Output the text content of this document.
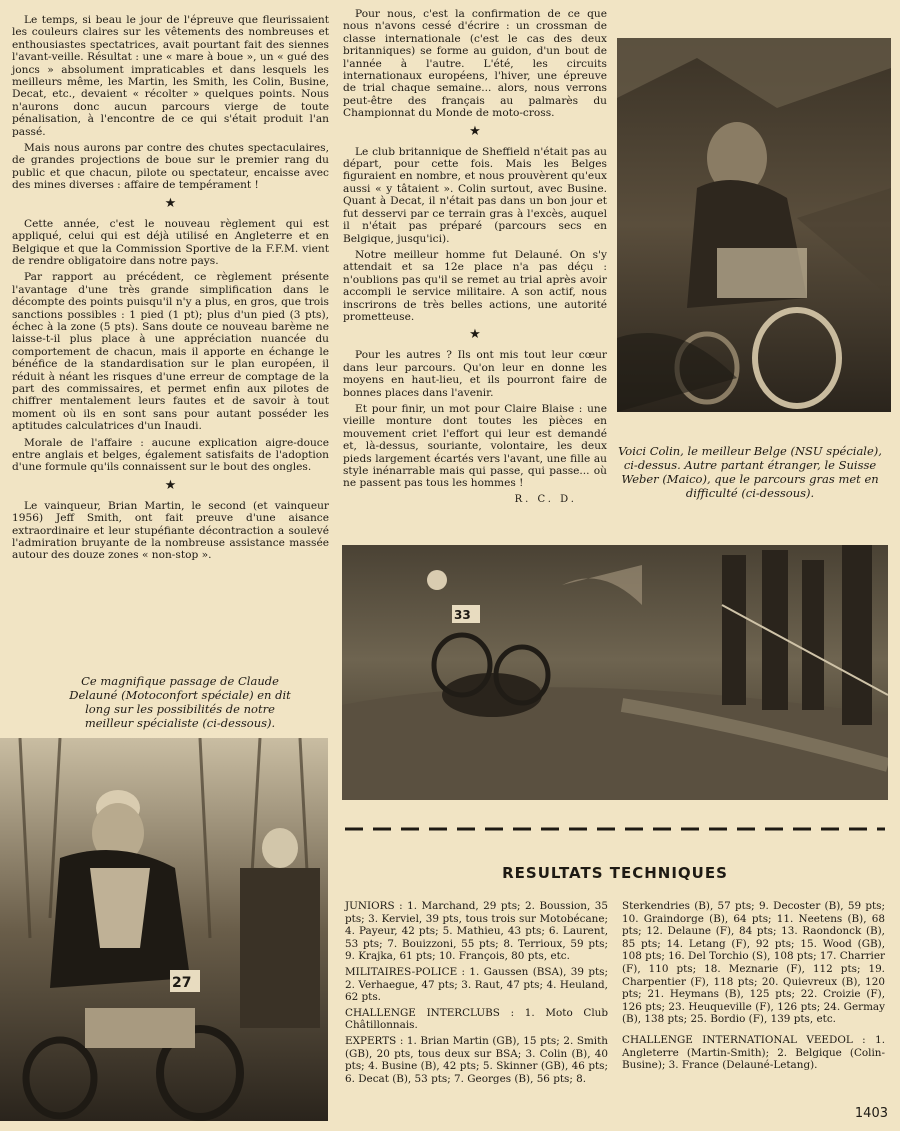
Le temps, si beau le jour de l'épreuve que fleurissaient les couleurs claires sur les vêtements des nombreuses et enthousiastes spectatrices, avait pourtant fait des siennes l'avant-veille. Résultat : une « mare à boue », un « gué des joncs » absolument impraticables et dans lesquels les meilleurs même, les Martin, les Smith, les Colin, Busine, Decat, etc., devaient « récolter » quelques points. Nous n'aurons donc aucun parcours vierge de toute pénalisation, à l'encontre de ce qui s'était produit l'an passé.

Mais nous aurons par contre des chutes spectaculaires, de grandes projections de boue sur le premier rang du public et que chacun, pilote ou spectateur, encaisse avec des mines diverses : affaire de tempérament !

★

Cette année, c'est le nouveau règlement qui est appliqué, celui qui est déjà utilisé en Angleterre et en Belgique et que la Commission Sportive de la F.F.M. vient de rendre obligatoire dans notre pays.

Par rapport au précédent, ce règlement présente l'avantage d'une très grande simplification dans le décompte des points puisqu'il n'y a plus, en gros, que trois sanctions possibles : 1 pied (1 pt); plus d'un pied (3 pts), échec à la zone (5 pts). Sans doute ce nouveau barème ne laisse-t-il plus place à une appréciation nuancée du comportement de chacun, mais il apporte en échange le bénéfice de la standardisation sur le plan européen, il réduit à néant les risques d'une erreur de comptage de la part des commissaires, et permet enfin aux pilotes de chiffrer mentalement leurs fautes et de savoir à tout moment où ils en sont sans pour autant posséder les aptitudes calculatrices d'un Inaudi.

Morale de l'affaire : aucune explication aigre-douce entre anglais et belges, également satisfaits de l'adoption d'une formule qu'ils connaissent sur le bout des ongles.

★

Le vainqueur, Brian Martin, le second (et vainqueur 1956) Jeff Smith, ont fait preuve d'une aisance extraordinaire et leur stupéfiante décontraction a soulevé l'admiration bruyante de la nombreuse assistance massée autour des douze zones « non-stop ».

Pour nous, c'est la confirmation de ce que nous n'avons cessé d'écrire : un crossman de classe internationale (c'est le cas des deux britanniques) se forme au guidon, d'un bout de l'année à l'autre. L'été, les circuits internationaux européens, l'hiver, une épreuve de trial chaque semaine... alors, nous verrons peut-être des français au palmarès du Championnat du Monde de moto-cross.

★

Le club britannique de Sheffield n'était pas au départ, pour cette fois. Mais les Belges figuraient en nombre, et nous prouvèrent qu'eux aussi « y tâtaient ». Colin surtout, avec Busine. Quant à Decat, il n'était pas dans un bon jour et fut desservi par ce terrain gras à l'excès, auquel il n'était pas préparé (parcours secs en Belgique, jusqu'ici).

Notre meilleur homme fut Delauné. On s'y attendait et sa 12e place n'a pas déçu : n'oublions pas qu'il se remet au trial après avoir accompli le service militaire. A son actif, nous inscrirons de très belles actions, une autorité prometteuse.

★

Pour les autres ? Ils ont mis tout leur cœur dans leur parcours. Qu'on leur en donne les moyens en haut-lieu, et ils pourront faire de bonnes places dans l'avenir.

Et pour finir, un mot pour Claire Blaise : une vieille monture dont toutes les pièces en mouvement criet l'effort qui leur est demandé et, là-dessus, souriante, volontaire, les deux pieds largement écartés vers l'avant, une fille au style inénarrable mais qui passe, qui passe... où ne passent pas tous les hommes !

R. C. D.
Voici Colin, le meilleur Belge (NSU spéciale), ci-dessus. Autre partant étranger, le Suisse Weber (Maico), que le parcours gras met en difficulté (ci-dessous).
33
RESULTATS TECHNIQUES

JUNIORS : 1. Marchand, 29 pts; 2. Boussion, 35 pts; 3. Kerviel, 39 pts, tous trois sur Motobécane; 4. Payeur, 42 pts; 5. Mathieu, 43 pts; 6. Laurent, 53 pts; 7. Bouizzoni, 55 pts; 8. Terrioux, 59 pts; 9. Krajka, 61 pts; 10. François, 80 pts, etc.

MILITAIRES-POLICE : 1. Gaussen (BSA), 39 pts; 2. Verhaegue, 47 pts; 3. Raut, 47 pts; 4. Heuland, 62 pts.

CHALLENGE INTERCLUBS : 1. Moto Club Châtillonnais.

EXPERTS : 1. Brian Martin (GB), 15 pts; 2. Smith (GB), 20 pts, tous deux sur BSA; 3. Colin (B), 40 pts; 4. Busine (B), 42 pts; 5. Skinner (GB), 46 pts; 6. Decat (B), 53 pts; 7. Georges (B), 56 pts; 8.

Sterkendries (B), 57 pts; 9. Decoster (B), 59 pts; 10. Graindorge (B), 64 pts; 11. Neetens (B), 68 pts; 12. Delaune (F), 84 pts; 13. Raondonck (B), 85 pts; 14. Letang (F), 92 pts; 15. Wood (GB), 108 pts; 16. Del Torchio (S), 108 pts; 17. Charrier (F), 110 pts; 18. Meznarie (F), 112 pts; 19. Charpentier (F), 118 pts; 20. Quievreux (B), 120 pts; 21. Heymans (B), 125 pts; 22. Croizie (F), 126 pts; 23. Heuqueville (F), 126 pts; 24. Germay (B), 138 pts; 25. Bordio (F), 139 pts, etc.

CHALLENGE INTERNATIONAL VEEDOL : 1. Angleterre (Martin-Smith); 2. Belgique (Colin-Busine); 3. France (Delauné-Letang).

Ce magnifique passage de Claude Delauné (Motoconfort spéciale) en dit long sur les possibilités de notre meilleur spécialiste (ci-dessous).
27
1403
